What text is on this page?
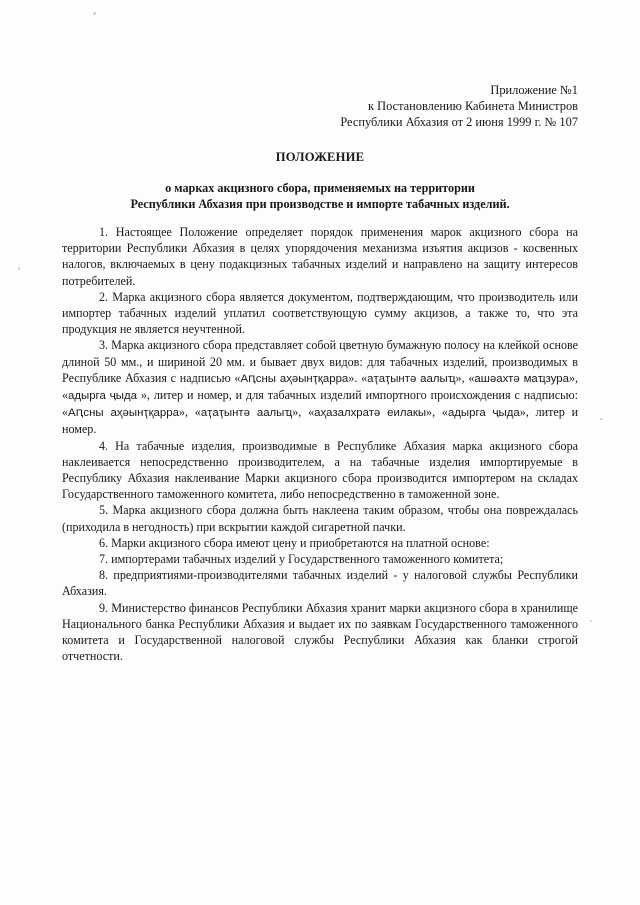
Приложение №1
к Постановлению Кабинета Министров
Республики Абхазия от 2 июня 1999 г. № 107
ПОЛОЖЕНИЕ
о марках акцизного сбора, применяемых на территории
Республики Абхазия при производстве и импорте табачных изделий.

1. Настоящее Положение определяет порядок применения марок акцизного сбора на территории Республики Абхазия в целях упорядочения механизма изъятия акцизов - косвенных налогов, включаемых в цену подакцизных табачных изделий и направлено на защиту интересов потребителей.

2. Марка акцизного сбора является документом, подтверждающим, что производитель или импортер табачных изделий уплатил соответствующую сумму акцизов, а также то, что эта продукция не является неучтенной.

3. Марка акцизного сбора представляет собой цветную бумажную полосу на клейкой основе длиной 50 мм., и шириной 20 мм. и бывает двух видов: для табачных изделий, производимых в Республике Абхазия с надписью «Аԥсны аҳәынҭқарра». «аҭаҭынтә аалыҵ», «ашәахтә маҵзура», «адырга ҷыда », литер и номер, и для табачных изделий импортного происхождения с надписью: «Аԥсны аҳәынҭқарра», «аҭаҭынтә аалыҵ», «аҳазалхратә еилакы», «адырга ҷыда», литер и номер.

4. На табачные изделия, производимые в Республике Абхазия марка акцизного сбора наклеивается непосредственно производителем, а на табачные изделия импортируемые в Республику Абхазия наклеивание Марки акцизного сбора производится импортером на складах Государственного таможенного комитета, либо непосредственно в таможенной зоне.

5. Марка акцизного сбора должна быть наклеена таким образом, чтобы она повреждалась (приходила в негодность) при вскрытии каждой сигаретной пачки.

6. Марки акцизного сбора имеют цену и приобретаются на платной основе:

7. импортерами табачных изделий у Государственного таможенного комитета;

8. предприятиями-производителями табачных изделий - у налоговой службы Республики Абхазия.

9. Министерство финансов Республики Абхазия хранит марки акцизного сбора в хранилище Национального банка Республики Абхазия и выдает их по заявкам Государственного таможенного комитета и Государственной налоговой службы Республики Абхазия как бланки строгой отчетности.
